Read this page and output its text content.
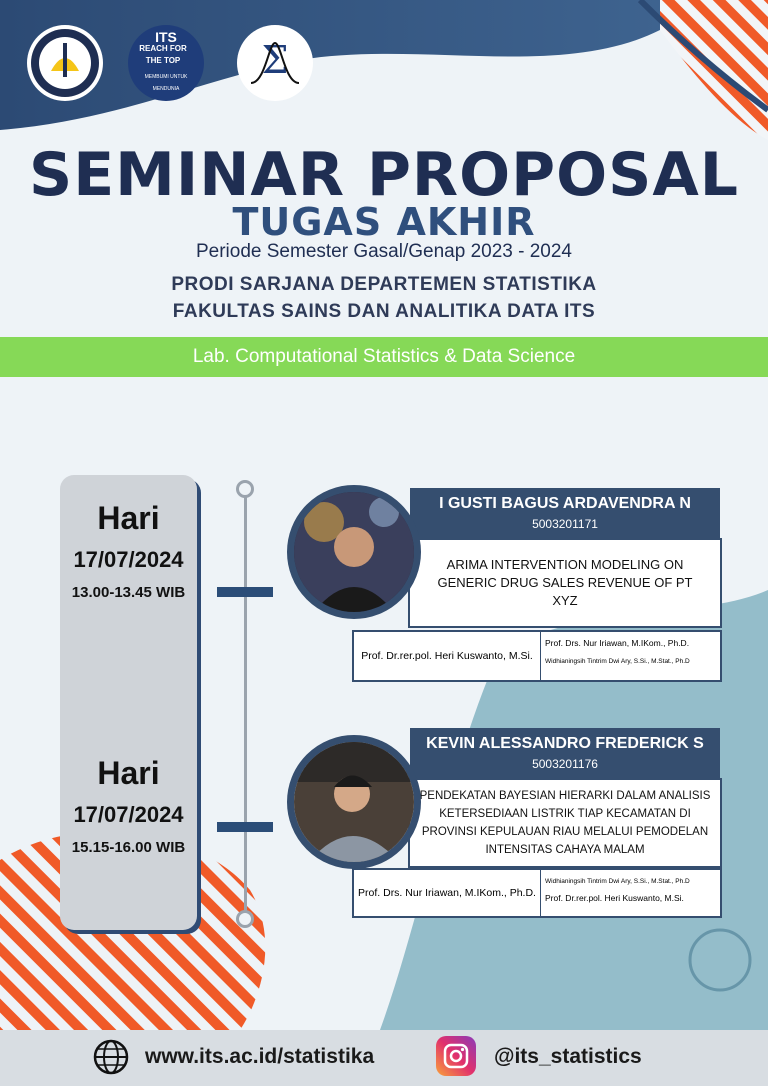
ITS
REACH FOR THE TOP
MEMBUMI UNTUK MENDUNIA
Σ
SEMINAR PROPOSAL
TUGAS AKHIR
Periode Semester Gasal/Genap 2023 - 2024
PRODI SARJANA DEPARTEMEN STATISTIKA
FAKULTAS SAINS DAN ANALITIKA DATA ITS
Lab. Computational Statistics & Data Science
Hari
17/07/2024
13.00-13.45 WIB
Hari
17/07/2024
15.15-16.00 WIB
I GUSTI BAGUS ARDAVENDRA N
5003201171
ARIMA INTERVENTION MODELING ON GENERIC DRUG SALES REVENUE OF PT XYZ
Prof. Dr.rer.pol. Heri Kuswanto, M.Si.
Prof. Drs. Nur Iriawan, M.IKom., Ph.D.
Widhianingsih Tintrim Dwi Ary, S.Si., M.Stat., Ph.D
KEVIN ALESSANDRO FREDERICK S
5003201176
PENDEKATAN BAYESIAN HIERARKI DALAM ANALISIS KETERSEDIAAN LISTRIK TIAP KECAMATAN DI PROVINSI KEPULAUAN RIAU MELALUI PEMODELAN INTENSITAS CAHAYA MALAM
Prof. Drs. Nur Iriawan, M.IKom., Ph.D.
Widhianingsih Tintrim Dwi Ary, S.Si., M.Stat., Ph.D
Prof. Dr.rer.pol. Heri Kuswanto, M.Si.
www.its.ac.id/statistika	@its_statistics
